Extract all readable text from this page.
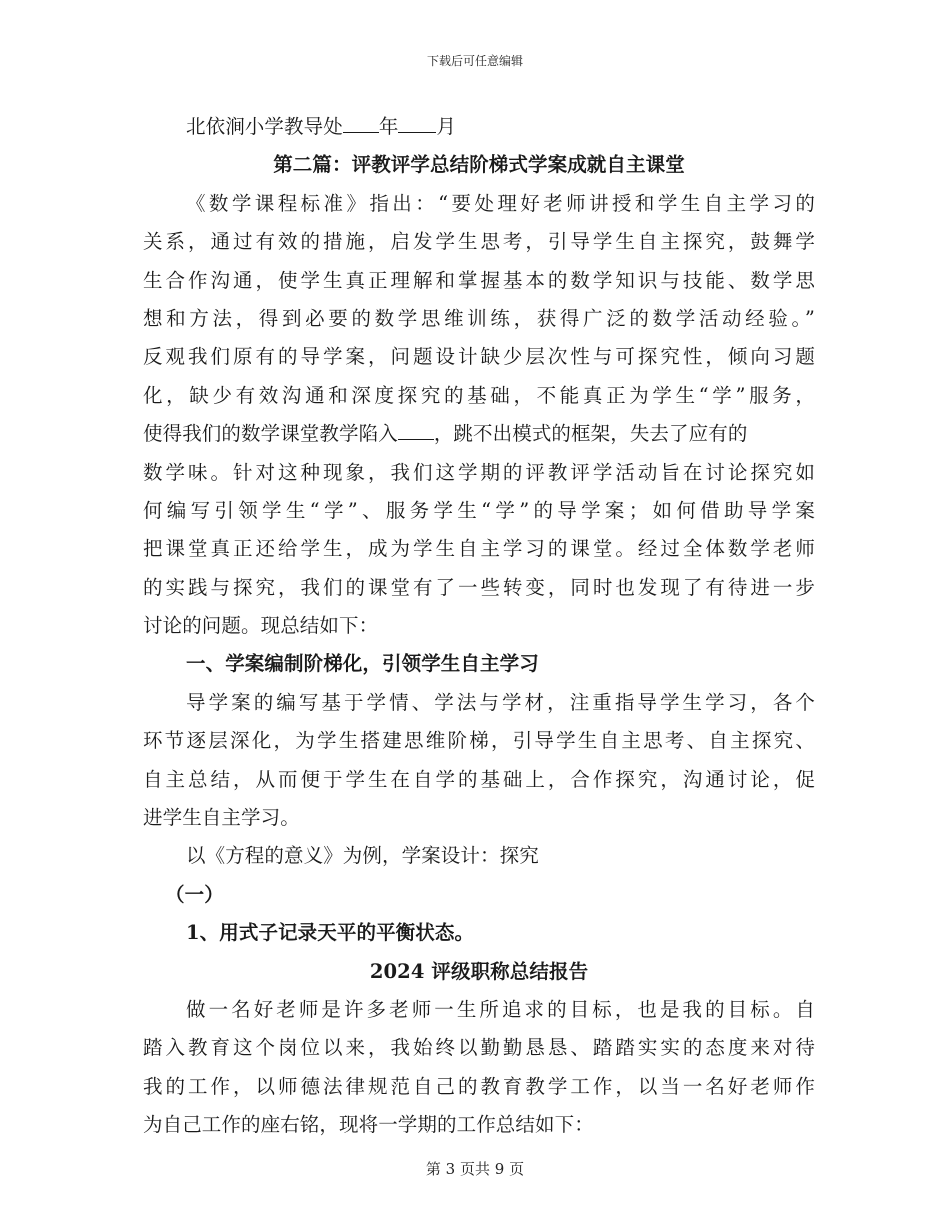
下载后可任意编辑
北依涧小学教导处 年 月
第二篇：评教评学总结阶梯式学案成就自主课堂
《数学课程标准》指出：“要处理好老师讲授和学生自主学习的
关系，通过有效的措施，启发学生思考，引导学生自主探究，鼓舞学
生合作沟通，使学生真正理解和掌握基本的数学知识与技能、数学思
想和方法，得到必要的数学思维训练，获得广泛的数学活动经验。”
反观我们原有的导学案，问题设计缺少层次性与可探究性，倾向习题
化，缺少有效沟通和深度探究的基础，不能真正为学生“学”服务，
使得我们的数学课堂教学陷入 ，跳不出模式的框架，失去了应有的
数学味。针对这种现象，我们这学期的评教评学活动旨在讨论探究如
何编写引领学生“学”、服务学生“学”的导学案；如何借助导学案
把课堂真正还给学生，成为学生自主学习的课堂。经过全体数学老师
的实践与探究，我们的课堂有了一些转变，同时也发现了有待进一步
讨论的问题。现总结如下：
一、学案编制阶梯化，引领学生自主学习
导学案的编写基于学情、学法与学材，注重指导学生学习，各个
环节逐层深化，为学生搭建思维阶梯，引导学生自主思考、自主探究、
自主总结，从而便于学生在自学的基础上，合作探究，沟通讨论，促
进学生自主学习。
以《方程的意义》为例，学案设计：探究
（一）
1、用式子记录天平的平衡状态。
2024 评级职称总结报告
做一名好老师是许多老师一生所追求的目标，也是我的目标。自
踏入教育这个岗位以来，我始终以勤勤恳恳、踏踏实实的态度来对待
我的工作，以师德法律规范自己的教育教学工作，以当一名好老师作
为自己工作的座右铭，现将一学期的工作总结如下：
第 3 页共 9 页
